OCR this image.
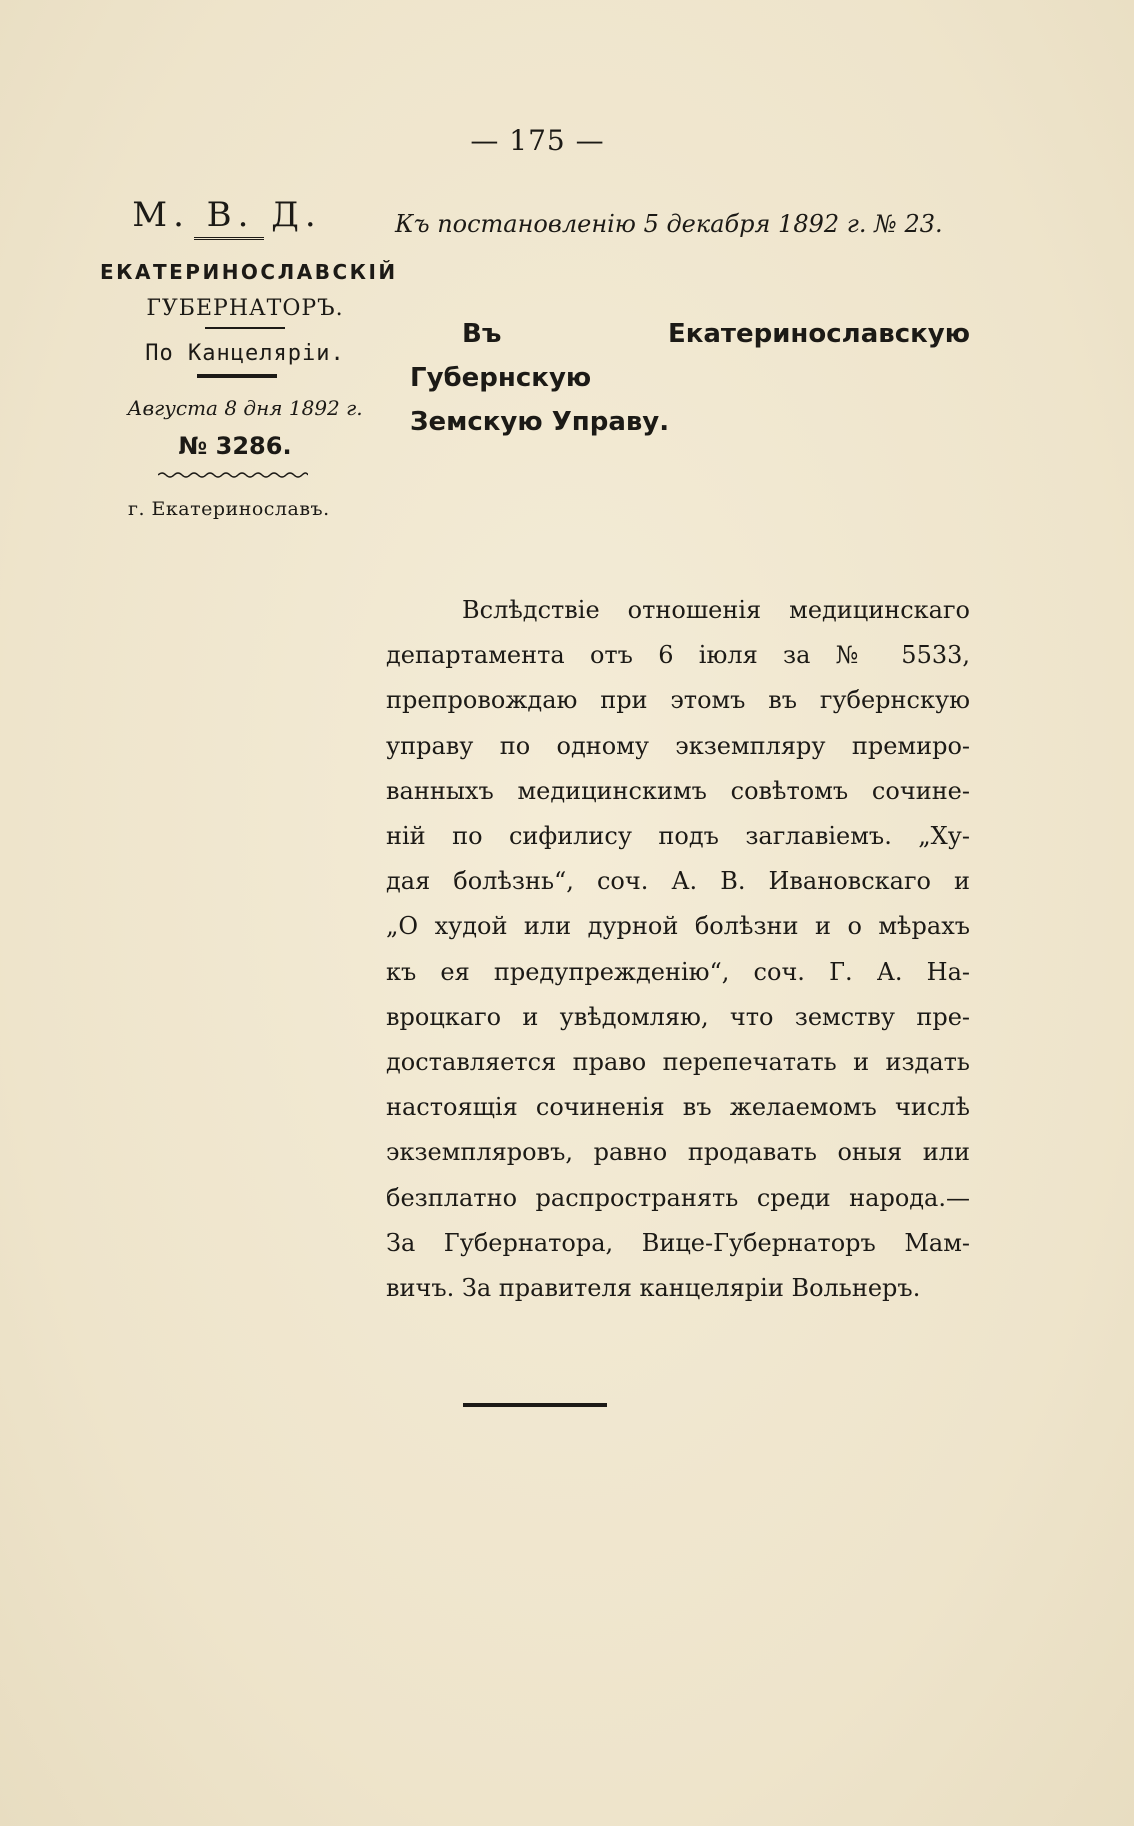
— 175 —
М. В. Д.
ЕКАТЕРИНОСЛАВСКІЙ
ГУБЕРНАТОРЪ.
По Канцеляріи.
Августа 8 дня 1892 г.
№ 3286.
г. Екатеринославъ.
Къ постановленію 5 декабря 1892 г. № 23.
Въ Екатеринославскую Губернскую
Земскую Управу.
Вслѣдствіе отношенія медицинскаго
департамента отъ 6 іюля за № 5533,
препровождаю при этомъ въ губернскую
управу по одному экземпляру премиро-
ванныхъ медицинскимъ совѣтомъ сочине-
ній по сифилису подъ заглавіемъ. „Ху-
дая болѣзнь“, соч. А. В. Ивановскаго и
„О худой или дурной болѣзни и о мѣрахъ
къ ея предупрежденію“, соч. Г. А. На-
вроцкаго и увѣдомляю, что земству пре-
доставляется право перепечатать и издать
настоящія сочиненія въ желаемомъ числѣ
экземпляровъ, равно продавать оныя или
безплатно распространять среди народа.—
За Губернатора, Вице-Губернаторъ Мам-
вичъ. За правителя канцеляріи Вольнеръ.
